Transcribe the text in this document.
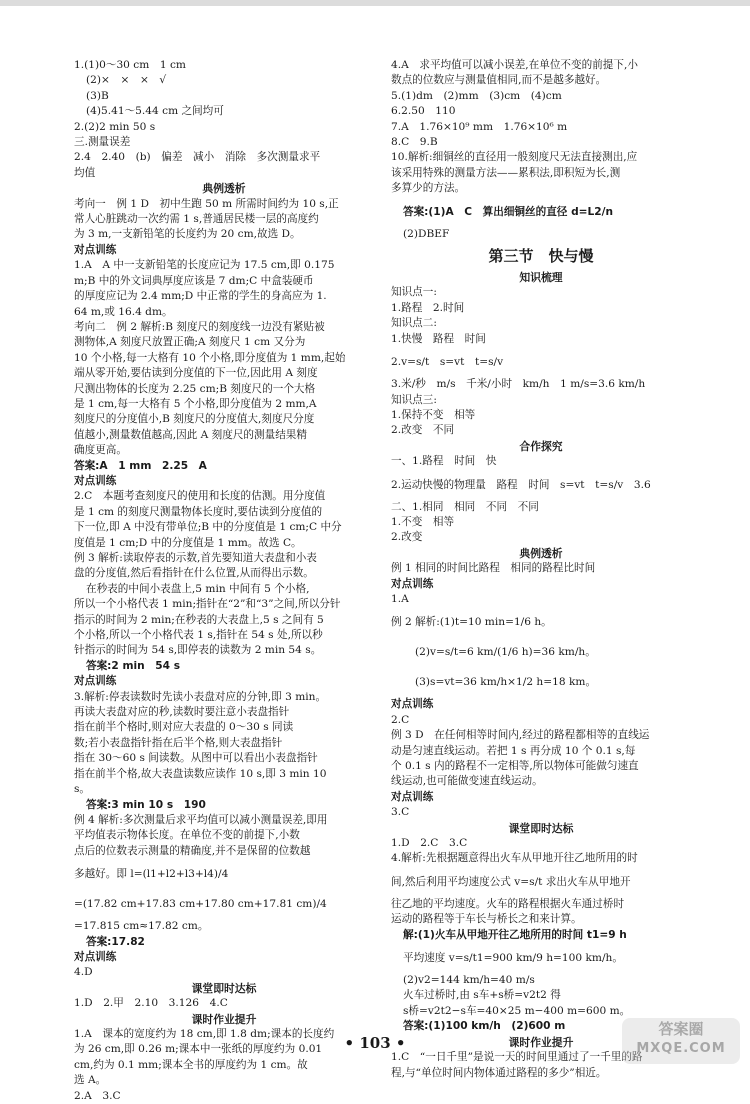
1.(1)0～30 cm　1 cm
(2)×　×　×　√
(3)B
(4)5.41～5.44 cm 之间均可
2.(2)2 min 50 s
三.测量误差
2.4　2.40　(b)　偏差　减小　消除　多次测量求平
均值
典例透析
考向一　例 1 D　初中生跑 50 m 所需时间约为 10 s,正
常人心脏跳动一次约需 1 s,普通居民楼一层的高度约
为 3 m,一支新铅笔的长度约为 20 cm,故选 D。
对点训练
1.A　A 中一支新铅笔的长度应记为 17.5 cm,即 0.175
m;B 中的外文词典厚度应该是 7 dm;C 中盒装硬币
的厚度应记为 2.4 mm;D 中正常的学生的身高应为 1.
64 m,或 16.4 dm。
考向二　例 2 解析:B 刻度尺的刻度线一边没有紧贴被
测物体,A 刻度尺放置正确;A 刻度尺 1 cm 又分为
10 个小格,每一大格有 10 个小格,即分度值为 1 mm,起始
端从零开始,要估读到分度值的下一位,因此用 A 刻度
尺测出物体的长度为 2.25 cm;B 刻度尺的一个大格
是 1 cm,每一大格有 5 个小格,即分度值为 2 mm,A
刻度尺的分度值小,B 刻度尺的分度值大,刻度尺分度
值越小,测量数值越高,因此 A 刻度尺的测量结果精
确度更高。
答案:A　1 mm　2.25　A
对点训练
2.C　本题考查刻度尺的使用和长度的估测。用分度值
是 1 cm 的刻度尺测量物体长度时,要估读到分度值的
下一位,即 A 中没有带单位;B 中的分度值是 1 cm;C 中分
度值是 1 cm;D 中的分度值是 1 mm。故选 C。
例 3 解析:读取停表的示数,首先要知道大表盘和小表
盘的分度值,然后看指针在什么位置,从而得出示数。
在秒表的中间小表盘上,5 min 中间有 5 个小格,
所以一个小格代表 1 min;指针在“2”和“3”之间,所以分针
指示的时间为 2 min;在秒表的大表盘上,5 s 之间有 5
个小格,所以一个小格代表 1 s,指针在 54 s 处,所以秒
针指示的时间为 54 s,即停表的读数为 2 min 54 s。
答案:2 min　54 s
对点训练
3.解析:停表读数时先读小表盘对应的分钟,即 3 min。
再读大表盘对应的秒,读数时要注意小表盘指针
指在前半个格时,则对应大表盘的 0～30 s 同读
数;若小表盘指针指在后半个格,则大表盘指针
指在 30～60 s 间读数。从图中可以看出小表盘指针
指在前半个格,故大表盘读数应读作 10 s,即 3 min 10
s。
答案:3 min 10 s　190
例 4 解析:多次测量后求平均值可以减小测量误差,即用
平均值表示物体长度。在单位不变的前提下,小数
点后的位数表示测量的精确度,并不是保留的位数越
多越好。即 l=(l1+l2+l3+l4)/4
=(17.82 cm+17.83 cm+17.80 cm+17.81 cm)/4
=17.815 cm≈17.82 cm。
答案:17.82
对点训练
4.D
课堂即时达标
1.D　2.甲　2.10　3.126　4.C
课时作业提升
1.A　课本的宽度约为 18 cm,即 1.8 dm;课本的长度约
为 26 cm,即 0.26 m;课本中一张纸的厚度约为 0.01
cm,约为 0.1 mm;课本全书的厚度约为 1 cm。故
选 A。
2.A　3.C
4.A　求平均值可以减小误差,在单位不变的前提下,小
数点的位数应与测量值相同,而不是越多越好。
5.(1)dm　(2)mm　(3)cm　(4)cm
6.2.50　110
7.A　1.76×10⁹ mm　1.76×10⁶ m
8.C　9.B
10.解析:细铜丝的直径用一般刻度尺无法直接测出,应
该采用特殊的测量方法——累积法,即积短为长,测
多算少的方法。
答案:(1)A　C　算出细铜丝的直径 d=L2/n
(2)DBEF
第三节　快与慢
知识梳理
知识点一:
1.路程　2.时间
知识点二:
1.快慢　路程　时间
2.v=s/t　s=vt　t=s/v
3.米/秒　m/s　千米/小时　km/h　1 m/s=3.6 km/h
知识点三:
1.保持不变　相等
2.改变　不同
合作探究
一、1.路程　时间　快
2.运动快慢的物理量　路程　时间　s=vt　t=s/v　3.6
二、1.相同　相同　不同　不同
1.不变　相等
2.改变
典例透析
例 1 相同的时间比路程　相同的路程比时间
对点训练
1.A
例 2 解析:(1)t=10 min=1/6 h。
(2)v=s/t=6 km/(1/6 h)=36 km/h。
(3)s=vt=36 km/h×1/2 h=18 km。
对点训练
2.C
例 3 D　在任何相等时间内,经过的路程都相等的直线运
动是匀速直线运动。若把 1 s 再分成 10 个 0.1 s,每
个 0.1 s 内的路程不一定相等,所以物体可能做匀速直
线运动,也可能做变速直线运动。
对点训练
3.C
课堂即时达标
1.D　2.C　3.C
4.解析:先根据题意得出火车从甲地开往乙地所用的时
间,然后利用平均速度公式 v=s/t 求出火车从甲地开
往乙地的平均速度。火车的路程根据火车通过桥时
运动的路程等于车长与桥长之和来计算。
解:(1)火车从甲地开往乙地所用的时间 t1=9 h
平均速度 v=s/t1=900 km/9 h=100 km/h。
(2)v2=144 km/h=40 m/s
火车过桥时,由 s车+s桥=v2t2 得
s桥=v2t2−s车=40×25 m−400 m=600 m。
答案:(1)100 km/h　(2)600 m
课时作业提升
1.C　“一日千里”是说一天的时间里通过了一千里的路
程,与“单位时间内物体通过路程的多少”相近。
• 103 •
答案圈
MXQE.COM
